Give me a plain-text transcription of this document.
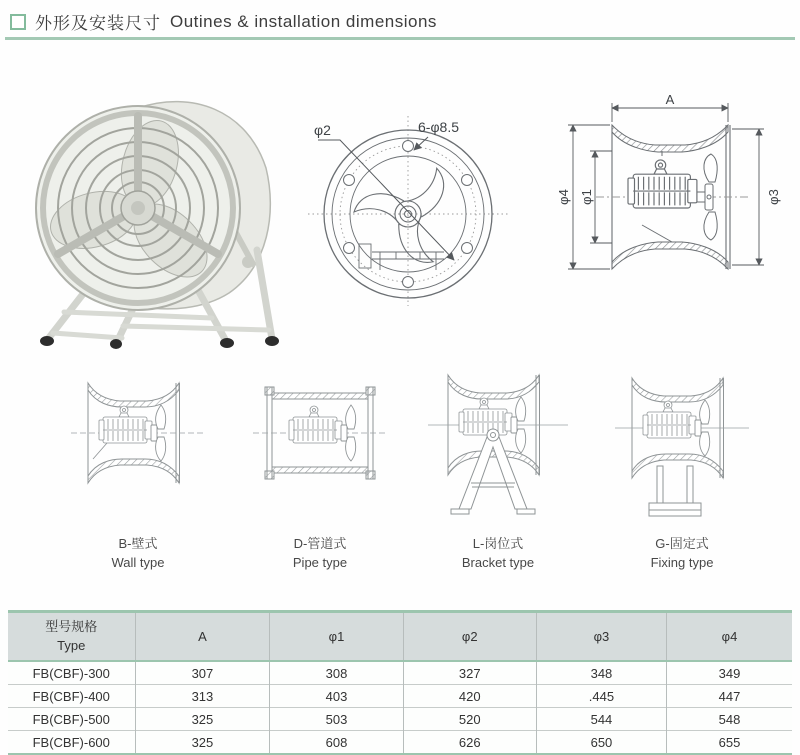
外形及安装尺寸 Outines & installation dimensions
φ2	6-φ8.5
A
φ4 φ1	φ3
B-壁式
Wall type
D-管道式
Pipe type
L-岗位式
Bracket type
G-固定式
Fixing type
型号规格
Type	A	φ1	φ2	φ3	φ4
FB(CBF)-300	307	308	327	348	349
FB(CBF)-400	313	403	420	.445	447
FB(CBF)-500	325	503	520	544	548
FB(CBF)-600	325	608	626	650	655
